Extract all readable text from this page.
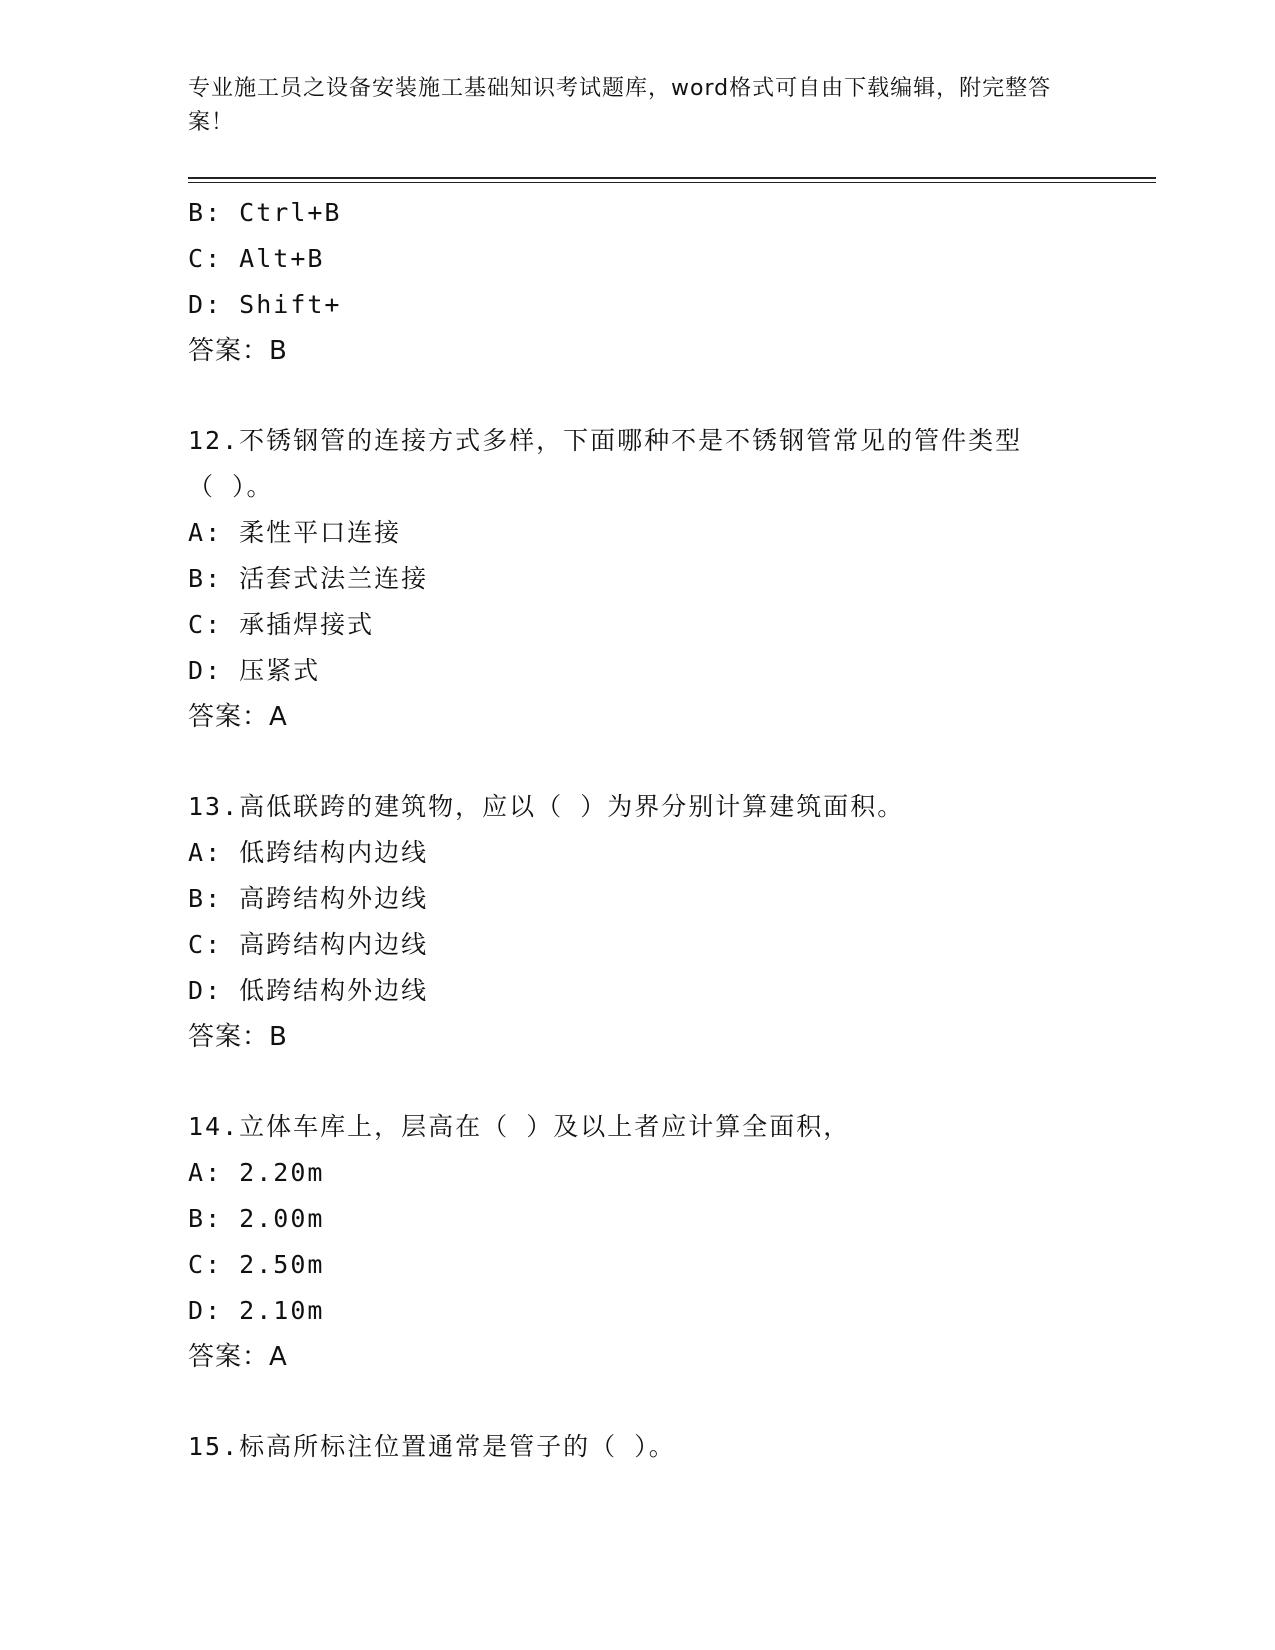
专业施工员之设备安装施工基础知识考试题库，word格式可自由下载编辑，附完整答案！
B: Ctrl+B
C: Alt+B
D: Shift+
答案：B
12.不锈钢管的连接方式多样，下面哪种不是不锈钢管常见的管件类型
（ ）。
A: 柔性平口连接
B: 活套式法兰连接
C: 承插焊接式
D: 压紧式
答案：A
13.高低联跨的建筑物，应以（ ）为界分别计算建筑面积。
A: 低跨结构内边线
B: 高跨结构外边线
C: 高跨结构内边线
D: 低跨结构外边线
答案：B
14.立体车库上，层高在（ ）及以上者应计算全面积，
A: 2.20m
B: 2.00m
C: 2.50m
D: 2.10m
答案：A
15.标高所标注位置通常是管子的（ ）。
